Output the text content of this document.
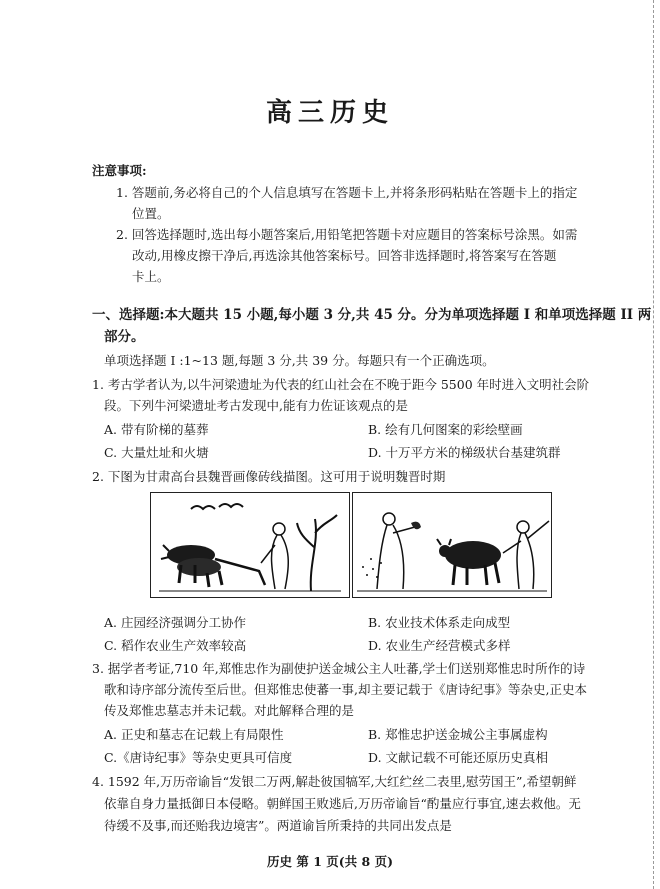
高三历史
注意事项:
1. 答题前,务必将自己的个人信息填写在答题卡上,并将条形码粘贴在答题卡上的指定
位置。
2. 回答选择题时,选出每小题答案后,用铅笔把答题卡对应题目的答案标号涂黑。如需
改动,用橡皮擦干净后,再选涂其他答案标号。回答非选择题时,将答案写在答题
卡上。
一、选择题:本大题共 15 小题,每小题 3 分,共 45 分。分为单项选择题 I 和单项选择题 II 两
部分。
单项选择题 I :1~13 题,每题 3 分,共 39 分。每题只有一个正确选项。
1. 考古学者认为,以牛河梁遗址为代表的红山社会在不晚于距今 5500 年时进入文明社会阶
段。下列牛河梁遗址考古发现中,能有力佐证该观点的是
A. 带有阶梯的墓葬	B. 绘有几何图案的彩绘壁画
C. 大量灶址和火塘	D. 十万平方米的梯级状台基建筑群
2. 下图为甘肃高台县魏晋画像砖线描图。这可用于说明魏晋时期
A. 庄园经济强调分工协作	B. 农业技术体系走向成型
C. 稻作农业生产效率较高	D. 农业生产经营模式多样
3. 据学者考证,710 年,郑惟忠作为副使护送金城公主人吐蕃,学士们送别郑惟忠时所作的诗
歌和诗序部分流传至后世。但郑惟忠使蕃一事,却主要记载于《唐诗纪事》等杂史,正史本
传及郑惟忠墓志并未记载。对此解释合理的是
A. 正史和墓志在记载上有局限性	B. 郑惟忠护送金城公主事属虚构
C.《唐诗纪事》等杂史更具可信度	D. 文献记载不可能还原历史真相
4. 1592 年,万历帝谕旨“发银二万两,解赴彼国犒军,大红纻丝二表里,慰劳国王”,希望朝鲜
依靠自身力量抵御日本侵略。朝鲜国王败逃后,万历帝谕旨“酌量应行事宜,速去救他。无
待缓不及事,而还贻我边境害”。两道谕旨所秉持的共同出发点是
历史 第 1 页(共 8 页)
